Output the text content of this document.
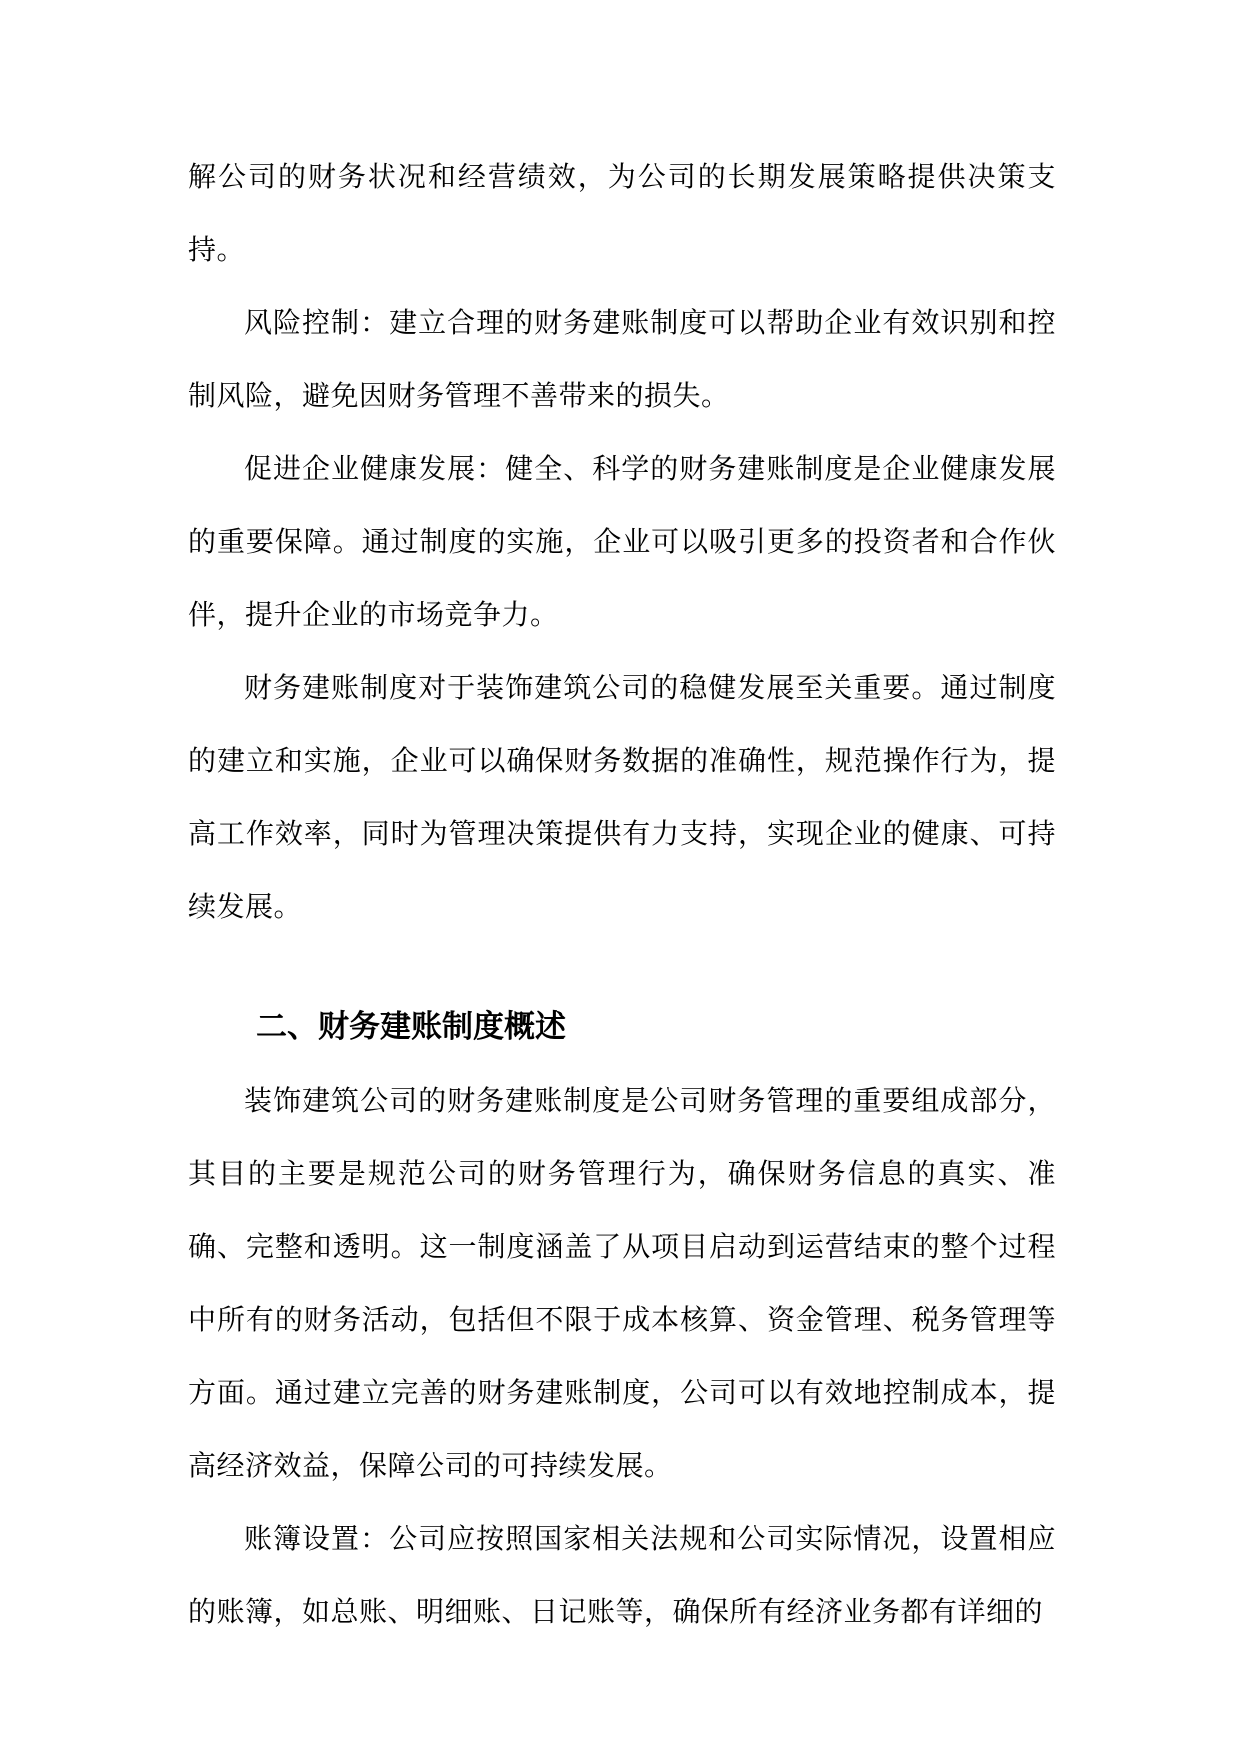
解公司的财务状况和经营绩效，为公司的长期发展策略提供决策支持。

风险控制：建立合理的财务建账制度可以帮助企业有效识别和控制风险，避免因财务管理不善带来的损失。

促进企业健康发展：健全、科学的财务建账制度是企业健康发展的重要保障。通过制度的实施，企业可以吸引更多的投资者和合作伙伴，提升企业的市场竞争力。

财务建账制度对于装饰建筑公司的稳健发展至关重要。通过制度的建立和实施，企业可以确保财务数据的准确性，规范操作行为，提高工作效率，同时为管理决策提供有力支持，实现企业的健康、可持续发展。

二、财务建账制度概述

装饰建筑公司的财务建账制度是公司财务管理的重要组成部分，其目的主要是规范公司的财务管理行为，确保财务信息的真实、准确、完整和透明。这一制度涵盖了从项目启动到运营结束的整个过程中所有的财务活动，包括但不限于成本核算、资金管理、税务管理等方面。通过建立完善的财务建账制度，公司可以有效地控制成本，提高经济效益，保障公司的可持续发展。

账簿设置：公司应按照国家相关法规和公司实际情况，设置相应的账簿，如总账、明细账、日记账等，确保所有经济业务都有详细的
